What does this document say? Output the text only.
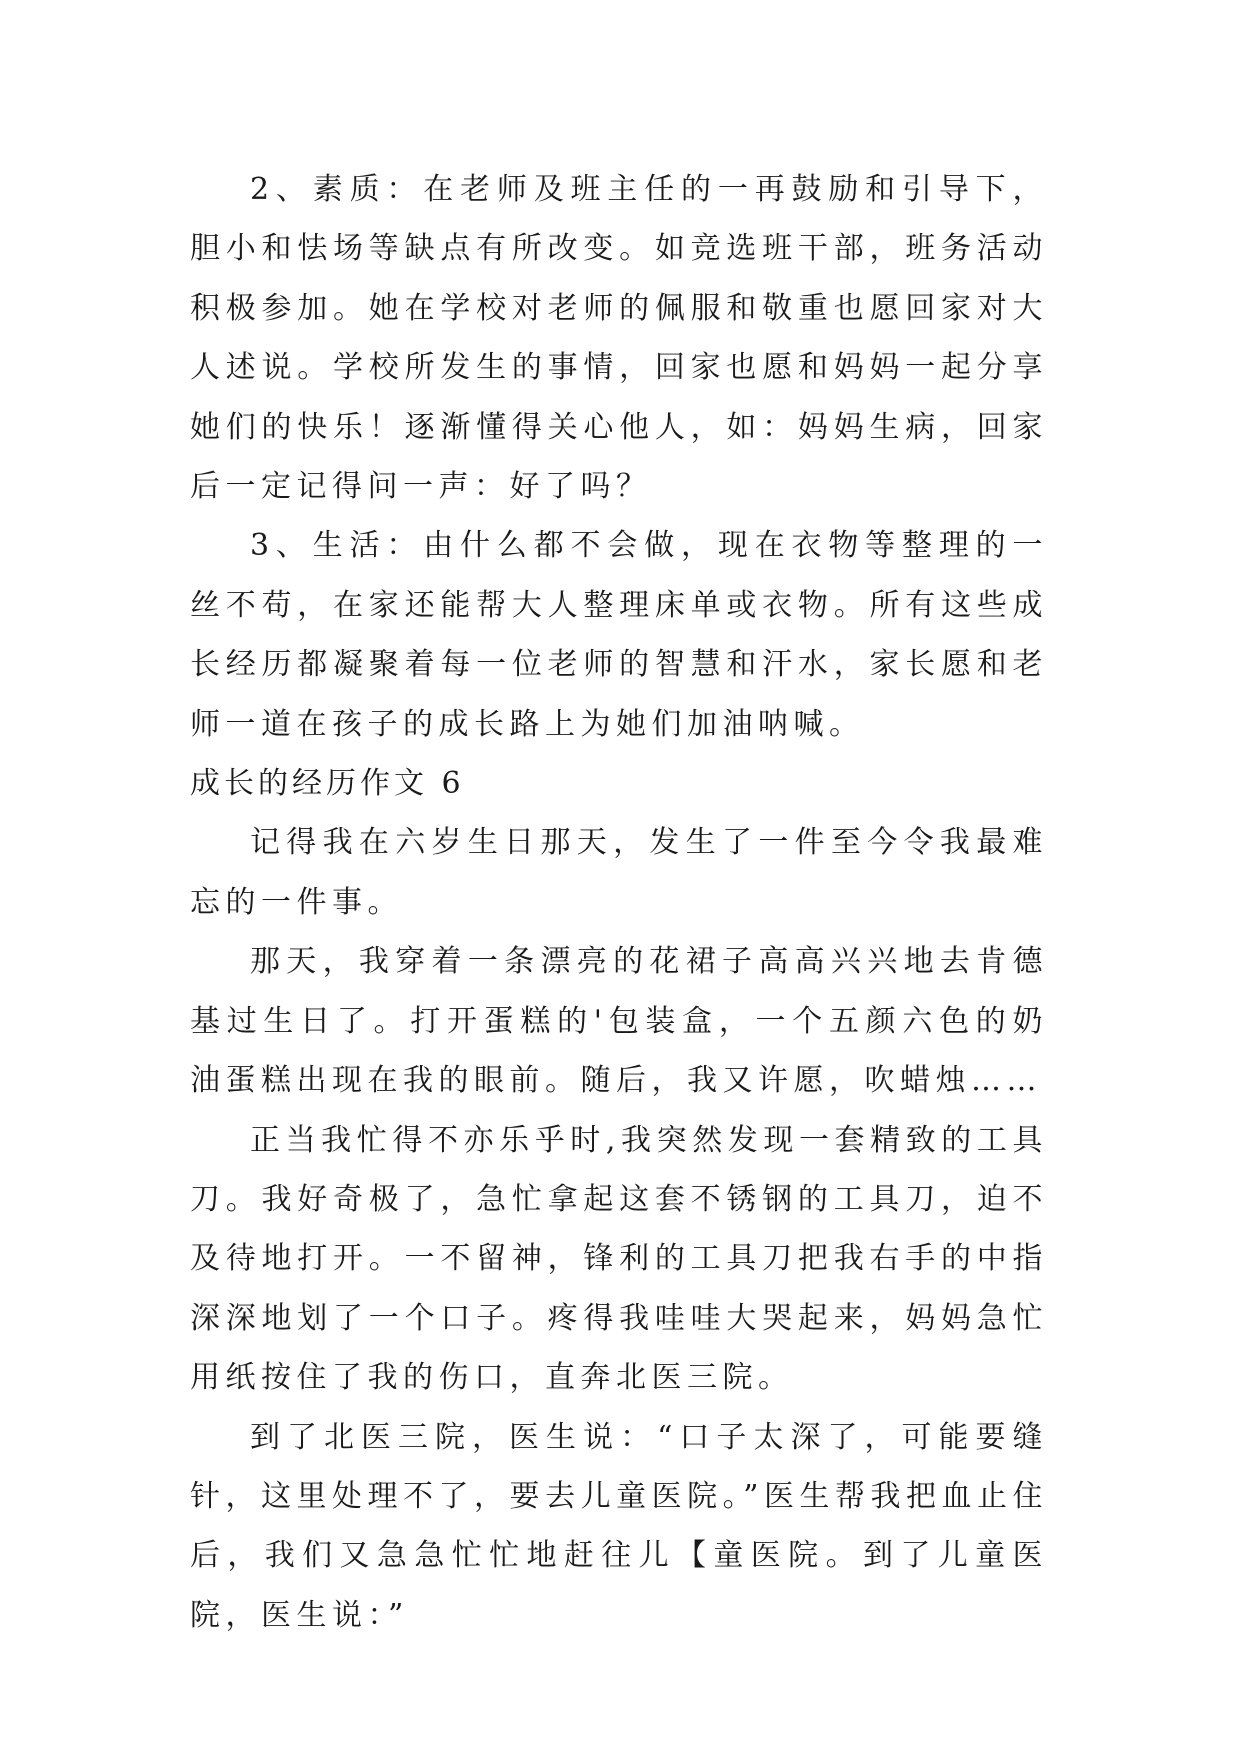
2、素质：在老师及班主任的一再鼓励和引导下，胆小和怯场等缺点有所改变。如竞选班干部，班务活动积极参加。她在学校对老师的佩服和敬重也愿回家对大人述说。学校所发生的事情，回家也愿和妈妈一起分享她们的快乐！逐渐懂得关心他人，如：妈妈生病，回家后一定记得问一声：好了吗？

3、生活：由什么都不会做，现在衣物等整理的一丝不苟，在家还能帮大人整理床单或衣物。所有这些成长经历都凝聚着每一位老师的智慧和汗水，家长愿和老师一道在孩子的成长路上为她们加油呐喊。

成长的经历作文 6

记得我在六岁生日那天，发生了一件至今令我最难忘的一件事。

那天，我穿着一条漂亮的花裙子高高兴兴地去肯德基过生日了。打开蛋糕的'包装盒，一个五颜六色的奶油蛋糕出现在我的眼前。随后，我又许愿，吹蜡烛……

正当我忙得不亦乐乎时,我突然发现一套精致的工具刀。我好奇极了，急忙拿起这套不锈钢的工具刀，迫不及待地打开。一不留神，锋利的工具刀把我右手的中指深深地划了一个口子。疼得我哇哇大哭起来，妈妈急忙用纸按住了我的伤口，直奔北医三院。

到了北医三院，医生说：“口子太深了，可能要缝针，这里处理不了，要去儿童医院。”医生帮我把血止住后，我们又急急忙忙地赶往儿【童医院。到了儿童医院，医生说：”
